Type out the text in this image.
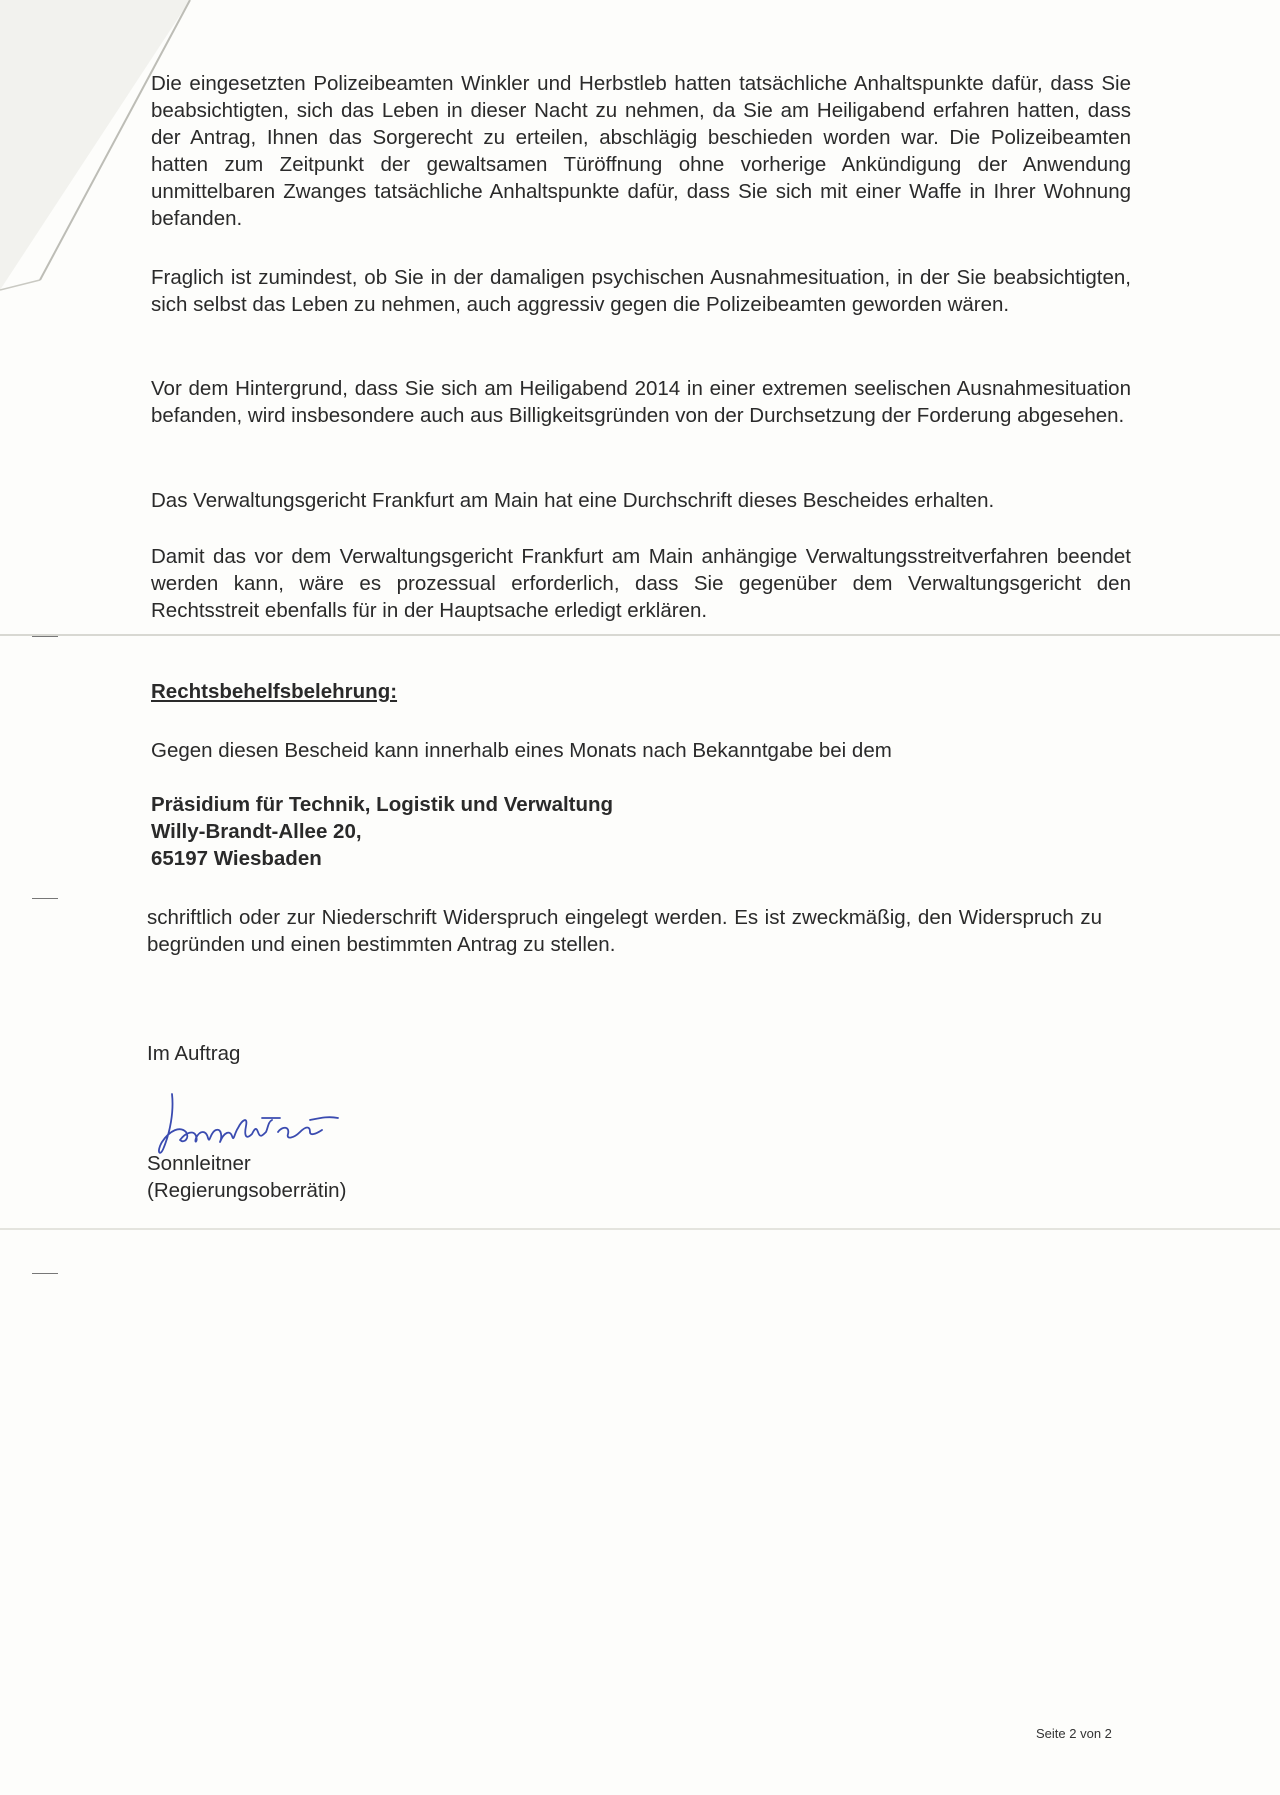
Die eingesetzten Polizeibeamten Winkler und Herbstleb hatten tatsächliche Anhaltspunkte dafür, dass Sie beabsichtigten, sich das Leben in dieser Nacht zu nehmen, da Sie am Heiligabend erfahren hatten, dass der Antrag, Ihnen das Sorgerecht zu erteilen, abschlägig beschieden worden war. Die Polizeibeamten hatten zum Zeitpunkt der gewaltsamen Türöffnung ohne vorherige Ankündigung der Anwendung unmittelbaren Zwanges tatsächliche Anhaltspunkte dafür, dass Sie sich mit einer Waffe in Ihrer Wohnung befanden.

Fraglich ist zumindest, ob Sie in der damaligen psychischen Ausnahmesituation, in der Sie beabsichtigten, sich selbst das Leben zu nehmen, auch aggressiv gegen die Polizeibeamten geworden wären.

Vor dem Hintergrund, dass Sie sich am Heiligabend 2014 in einer extremen seelischen Ausnahmesituation befanden, wird insbesondere auch aus Billigkeitsgründen von der Durchsetzung der Forderung abgesehen.

Das Verwaltungsgericht Frankfurt am Main hat eine Durchschrift dieses Bescheides erhalten.

Damit das vor dem Verwaltungsgericht Frankfurt am Main anhängige Verwaltungsstreitverfahren beendet werden kann, wäre es prozessual erforderlich, dass Sie gegenüber dem Verwaltungsgericht den Rechtsstreit ebenfalls für in der Hauptsache erledigt erklären.

Rechtsbehelfsbelehrung:
Gegen diesen Bescheid kann innerhalb eines Monats nach Bekanntgabe bei dem
Präsidium für Technik, Logistik und Verwaltung
Willy-Brandt-Allee 20,
65197 Wiesbaden

schriftlich oder zur Niederschrift Widerspruch eingelegt werden. Es ist zweckmäßig, den Widerspruch zu begründen und einen bestimmten Antrag zu stellen.

Im Auftrag
Sonnleitner
(Regierungsoberrätin)
Seite 2 von 2
